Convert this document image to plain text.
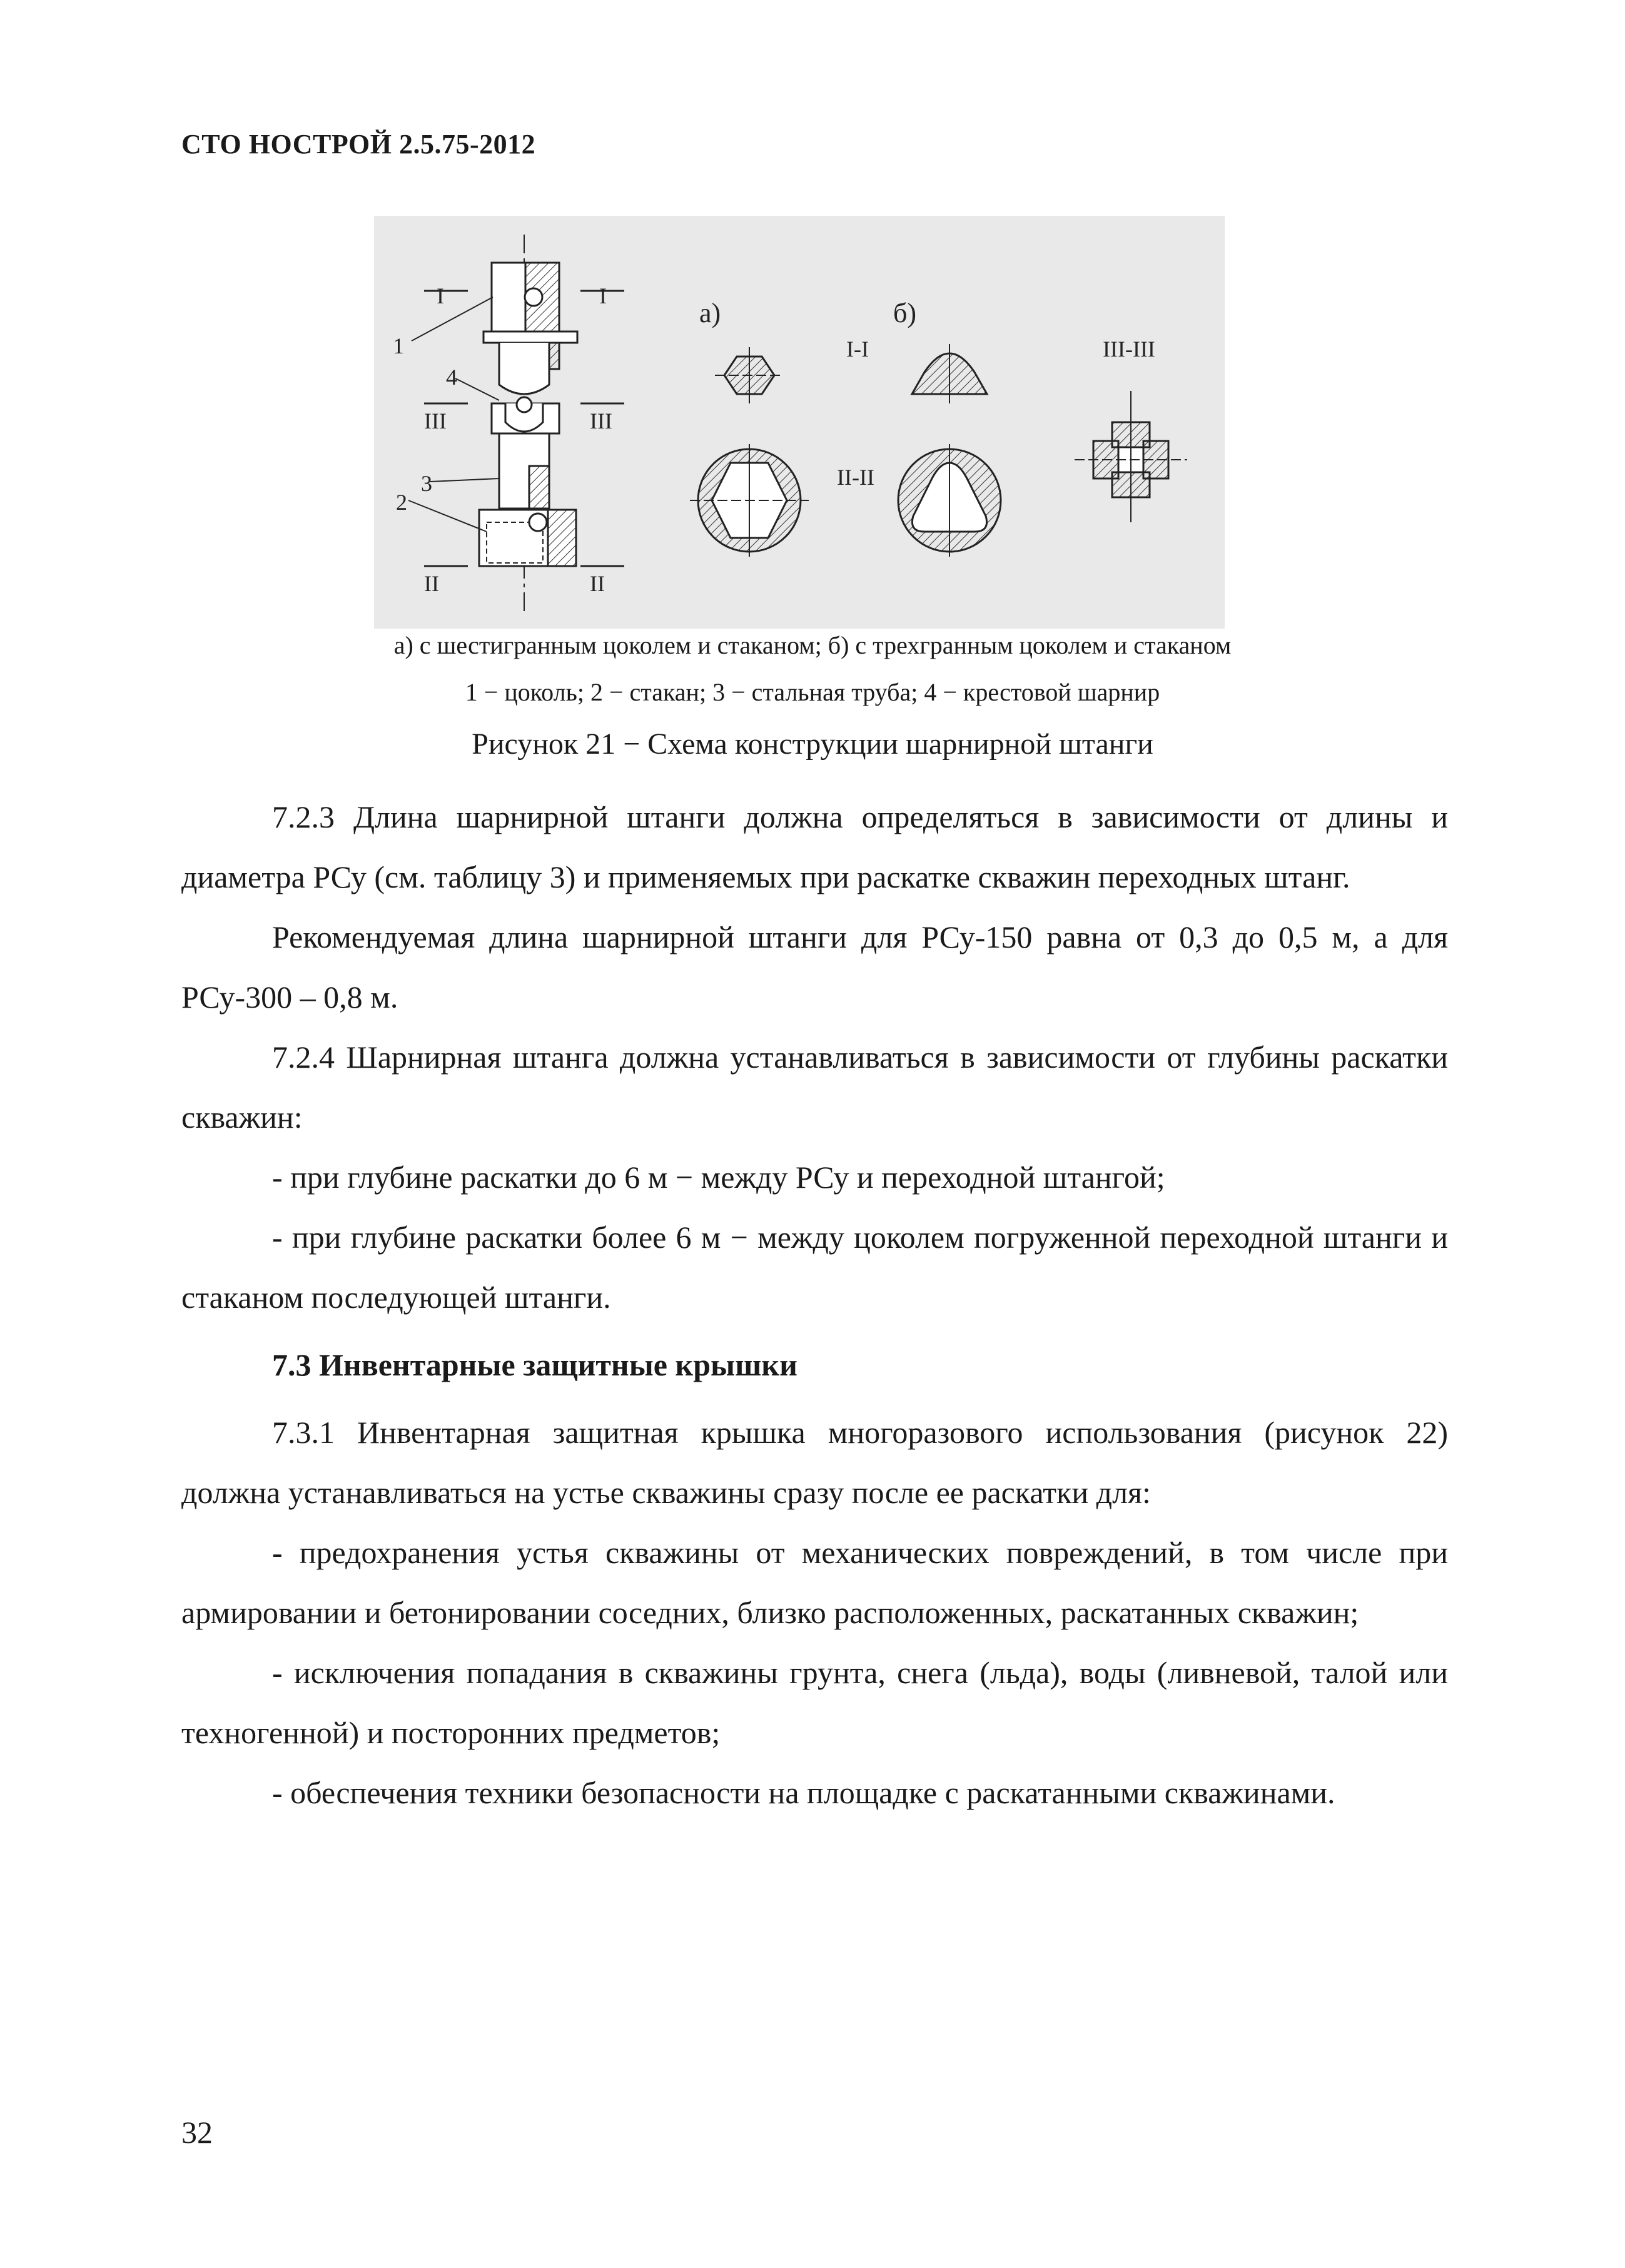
СТО НОСТРОЙ 2.5.75-2012
I	I
1
4
III	III
3
2
II	II
а)	б)
I-I
II-II
III-III
а) с шестигранным цоколем и стаканом; б) с трехгранным цоколем и стаканом
1 − цоколь; 2 − стакан; 3 − стальная труба; 4 − крестовой шарнир
Рисунок 21 − Схема конструкции шарнирной штанги

7.2.3 Длина шарнирной штанги должна определяться в зависимости от длины и диаметра РСу (см. таблицу 3) и применяемых при раскатке скважин переходных штанг.

Рекомендуемая длина шарнирной штанги для РСу-150 равна от 0,3 до 0,5 м, а для РСу-300 – 0,8 м.

7.2.4 Шарнирная штанга должна устанавливаться в зависимости от глубины раскатки скважин:

- при глубине раскатки до 6 м − между РСу и переходной штангой;

- при глубине раскатки более 6 м − между цоколем погруженной переходной штанги и стаканом последующей штанги.

7.3 Инвентарные защитные крышки

7.3.1 Инвентарная защитная крышка многоразового использования (рисунок 22) должна устанавливаться на устье скважины сразу после ее раскатки для:

- предохранения устья скважины от механических повреждений, в том числе при армировании и бетонировании соседних, близко расположенных, раскатанных скважин;

- исключения попадания в скважины грунта, снега (льда), воды (ливневой, талой или техногенной) и посторонних предметов;

- обеспечения техники безопасности на площадке с раскатанными скважинами.

32
